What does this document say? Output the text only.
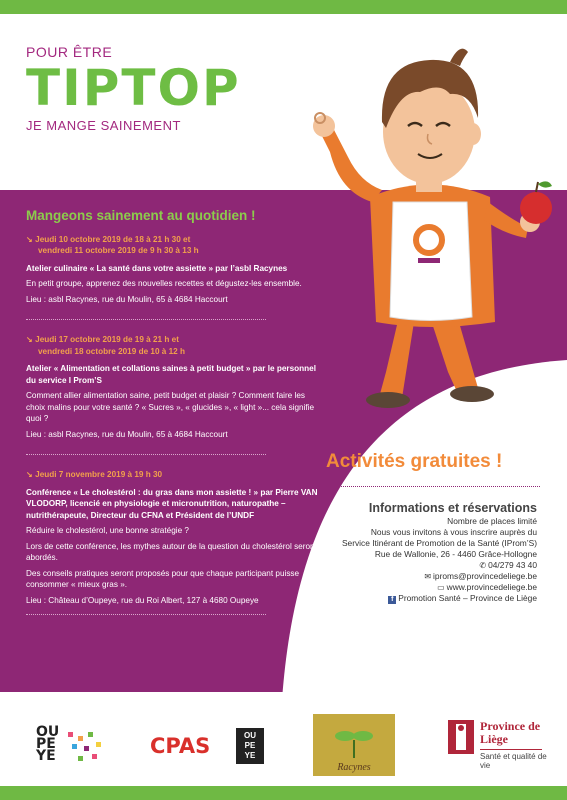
POUR ÊTRE
TIPTOP
JE MANGE SAINEMENT
Mangeons sainement au quotidien !
↘ Jeudi 10 octobre 2019 de 18 à 21 h 30 et
vendredi 11 octobre 2019 de 9 h 30 à 13 h
Atelier culinaire « La santé dans votre assiette » par l’asbl Racynes
En petit groupe, apprenez des nouvelles recettes et dégustez-les ensemble.
Lieu : asbl Racynes, rue du Moulin, 65 à 4684 Haccourt
↘ Jeudi 17 octobre 2019 de 19 à 21 h et
vendredi 18 octobre 2019 de 10 à 12 h
Atelier « Alimentation et collations saines à petit budget » par le personnel du service I Prom’S
Comment allier alimentation saine, petit budget et plaisir ? Comment faire les choix malins pour votre santé ? « Sucres », « glucides », « light »... cela signifie quoi ?
Lieu : asbl Racynes, rue du Moulin, 65 à 4684 Haccourt
↘ Jeudi 7 novembre 2019 à 19 h 30
Conférence « Le cholestérol : du gras dans mon assiette ! » par Pierre VAN VLODORP, licencié en physiologie et micronutrition, naturopathe – nutrithérapeute, Directeur du CFNA et Président de l’UNDF
Réduire le cholestérol, une bonne stratégie ?
Lors de cette conférence, les mythes autour de la question du cholestérol seront abordés.
Des conseils pratiques seront proposés pour que chaque participant puisse consommer « mieux gras ».
Lieu : Château d’Oupeye, rue du Roi Albert, 127 à 4680 Oupeye
Activités gratuites !
Informations et réservations
Nombre de places limité
Nous vous invitons à vous inscrire auprès du
Service Itinérant de Promotion de la Santé (IProm’S)
Rue de Wallonie, 26 - 4460 Grâce-Hollogne
✆ 04/279 43 40
✉ iproms@provincedeliege.be
▭ www.provincedeliege.be
f Promotion Santé – Province de Liège
OU
PE
YE	CPAS	OU
PE
YE
Racynes
Province de Liège
Santé et qualité de vie
